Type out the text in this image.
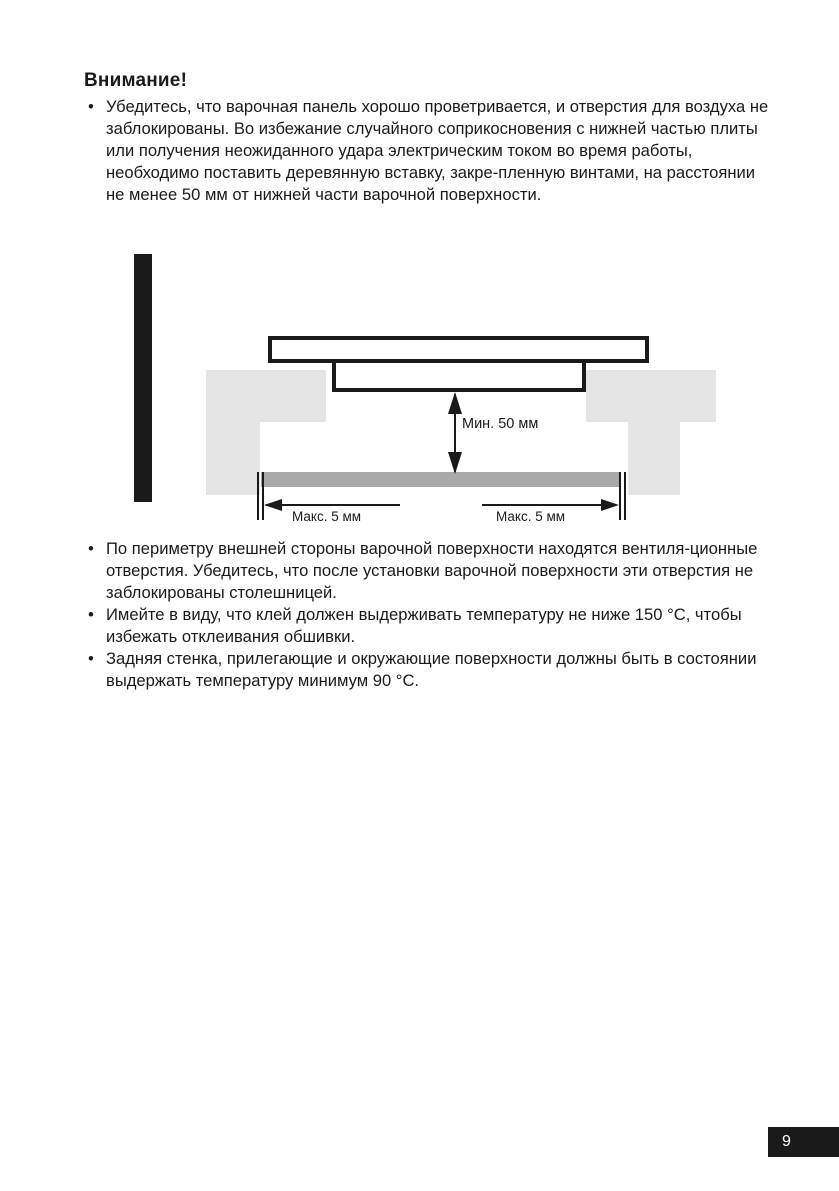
Внимание!
• Убедитесь, что варочная панель хорошо проветривается, и отверстия для воздуха не заблокированы. Во избежание случайного соприкосновения с нижней частью плиты или получения неожиданного удара электрическим током во время работы, необходимо поставить деревянную вставку, закре-пленную винтами, на расстоянии не менее 50 мм от нижней части варочной поверхности.
Мин. 50 мм
Макс. 5 мм	Макс. 5 мм
• По периметру внешней стороны варочной поверхности находятся вентиля-ционные отверстия. Убедитесь, что после установки варочной поверхности эти отверстия не заблокированы столешницей.
• Имейте в виду, что клей должен выдерживать температуру не ниже 150 °С, чтобы избежать отклеивания обшивки.
• Задняя стенка, прилегающие и окружающие поверхности должны быть в состоянии выдержать температуру минимум 90 °С.
9
